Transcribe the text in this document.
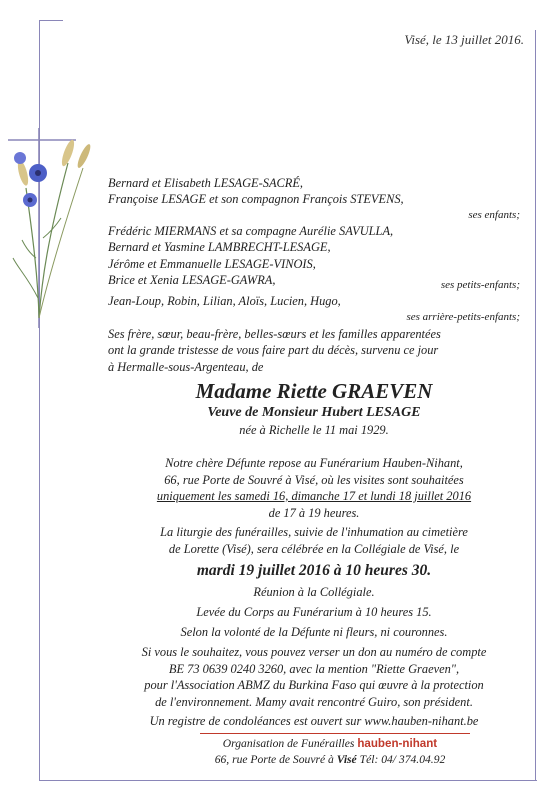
Visé, le 13 juillet 2016.
Bernard et Elisabeth LESAGE-SACRÉ,
Françoise LESAGE et son compagnon François STEVENS,
ses enfants;
Frédéric MIERMANS et sa compagne Aurélie SAVULLA,
Bernard et Yasmine LAMBRECHT-LESAGE,
Jérôme et Emmanuelle LESAGE-VINOIS,
Brice et Xenia LESAGE-GAWRA,	ses petits-enfants;
Jean-Loup, Robin, Lilian, Aloïs, Lucien, Hugo,
ses arrière-petits-enfants;
Ses frère, sœur, beau-frère, belles-sœurs et les familles apparentées
ont la grande tristesse de vous faire part du décès, survenu ce jour
à Hermalle-sous-Argenteau, de
Madame Riette GRAEVEN
Veuve de Monsieur Hubert LESAGE
née à Richelle le 11 mai 1929.
Notre chère Défunte repose au Funérarium Hauben-Nihant,
66, rue Porte de Souvré à Visé, où les visites sont souhaitées
uniquement les samedi 16, dimanche 17 et lundi 18 juillet 2016
de 17 à 19 heures.
La liturgie des funérailles, suivie de l'inhumation au cimetière
de Lorette (Visé), sera célébrée en la Collégiale de Visé, le
mardi 19 juillet 2016 à 10 heures 30.
Réunion à la Collégiale.
Levée du Corps au Funérarium à 10 heures 15.
Selon la volonté de la Défunte ni fleurs, ni couronnes.
Si vous le souhaitez, vous pouvez verser un don au numéro de compte
BE 73 0639 0240 3260, avec la mention "Riette Graeven",
pour l'Association ABMZ du Burkina Faso qui œuvre à la protection
de l'environnement. Mamy avait rencontré Guiro, son président.
Un registre de condoléances est ouvert sur www.hauben-nihant.be
Organisation de Funérailles hauben-nihant
66, rue Porte de Souvré à Visé Tél: 04/ 374.04.92
